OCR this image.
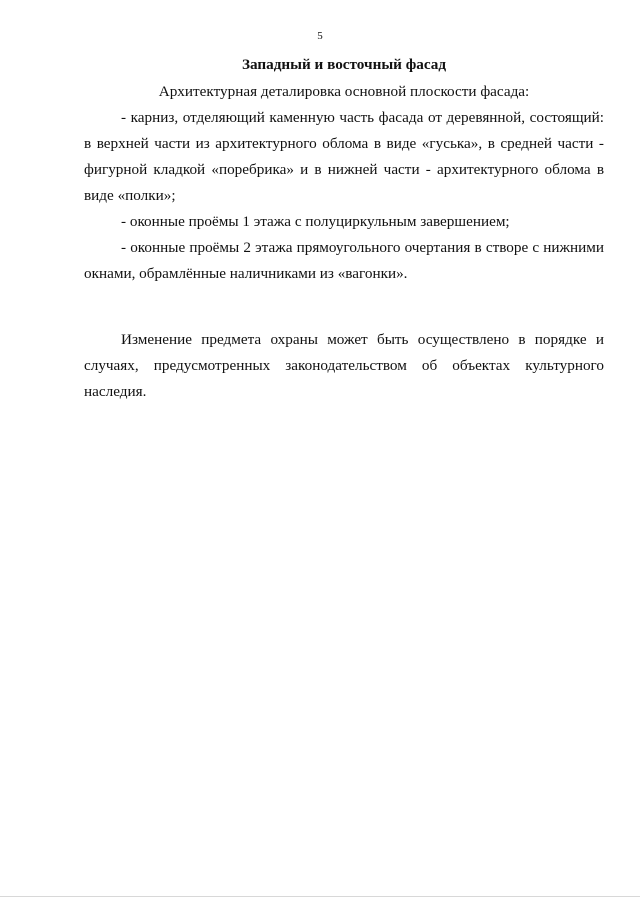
5

Западный и восточный фасад

Архитектурная деталировка основной плоскости фасада:

- карниз, отделяющий каменную часть фасада от деревянной, состоящий: в верхней части из архитектурного облома в виде «гуська», в средней части - фигурной кладкой «поребрика» и в нижней части - архитектурного облома в виде «полки»;

- оконные проёмы 1 этажа с полуциркульным завершением;

- оконные проёмы 2 этажа прямоугольного очертания в створе с нижними окнами, обрамлённые наличниками из «вагонки».

Изменение предмета охраны может быть осуществлено в порядке и случаях, предусмотренных законодательством об объектах культурного наследия.
